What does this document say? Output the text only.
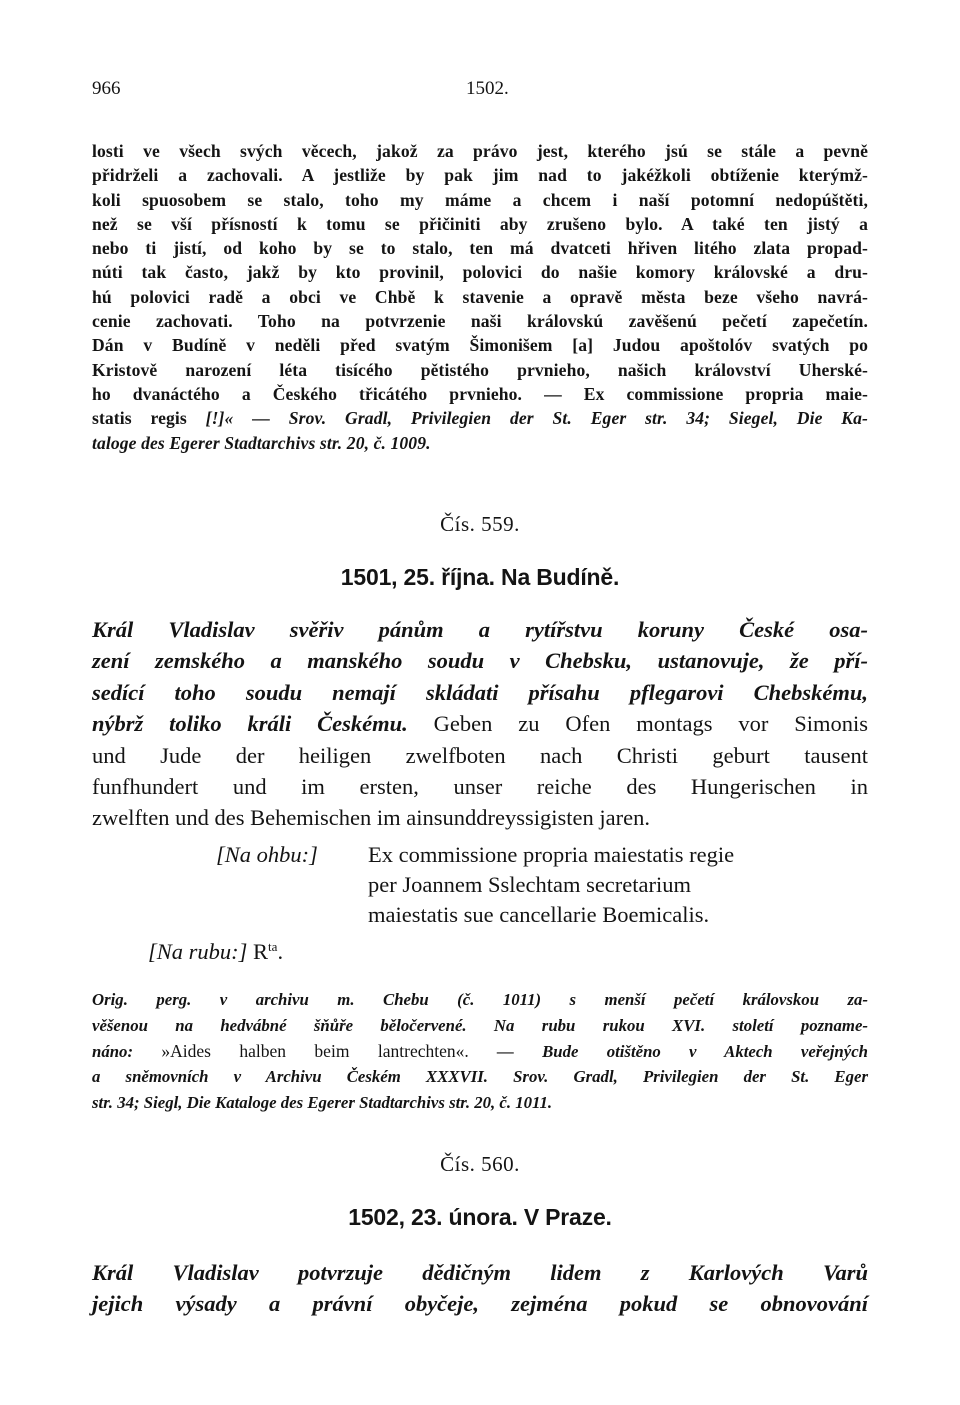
966	1502.
losti ve všech svých věcech, jakož za právo jest, kterého jsú se stále a pevně
přidrželi a zachovali. A jestliže by pak jim nad to jakéžkoli obtíženie kterýmž-
koli spuosobem se stalo, toho my máme a chcem i naší potomní nedopúštěti,
než se vší přísností k tomu se přičiniti aby zrušeno bylo. A také ten jistý a
nebo ti jistí, od koho by se to stalo, ten má dvatceti hřiven litého zlata propad-
núti tak často, jakž by kto provinil, polovici do našie komory královské a dru-
hú polovici radě a obci ve Chbě k stavenie a opravě města beze všeho navrá-
cenie zachovati. Toho na potvrzenie naši královskú zavěšenú pečetí zapečetín.
Dán v Budíně v neděli před svatým Šimonišem [a] Judou apoštolóv svatých po
Kristově narození léta tisícého pětistého prvnieho, našich království Uherské-
ho dvanáctého a Českého třicátého prvnieho. — Ex commissione propria maie-
statis regis [!]« — Srov. Gradl, Privilegien der St. Eger str. 34; Siegel, Die Ka-
taloge des Egerer Stadtarchivs str. 20, č. 1009.
Čís. 559.
1501, 25. října. Na Budíně.
Král Vladislav svěřiv pánům a rytířstvu koruny České osa-
zení zemského a manského soudu v Chebsku, ustanovuje, že pří-
sedící toho soudu nemají skládati přísahu pflegarovi Chebskému,
nýbrž toliko králi Českému. Geben zu Ofen montags vor Simonis
und Jude der heiligen zwelfboten nach Christi geburt tausent
funfhundert und im ersten, unser reiche des Hungerischen in
zwelften und des Behemischen im ainsunddreyssigisten jaren.
[Na ohbu:] Ex commissione propria maiestatis regie
per Joannem Sslechtam secretarium
maiestatis sue cancellarie Boemicalis.
[Na rubu:] $R^{ta}$.
Orig. perg. v archivu m. Chebu (č. 1011) s menší pečetí královskou za-
věšenou na hedvábné šňůře běločervené. Na rubu rukou XVI. století poznamе-
náno: »Aides halben beim lantrechten«. — Bude otištěno v Aktech veřejných
a sněmovních v Archivu Českém XXXVII. Srov. Gradl, Privilegien der St. Eger
str. 34; Siegl, Die Kataloge des Egerer Stadtarchivs str. 20, č. 1011.
Čís. 560.
1502, 23. února. V Praze.
Král Vladislav potvrzuje dědičným lidem z Karlových Varů
jejich výsady a právní obyčeje, zejména pokud se obnovování
